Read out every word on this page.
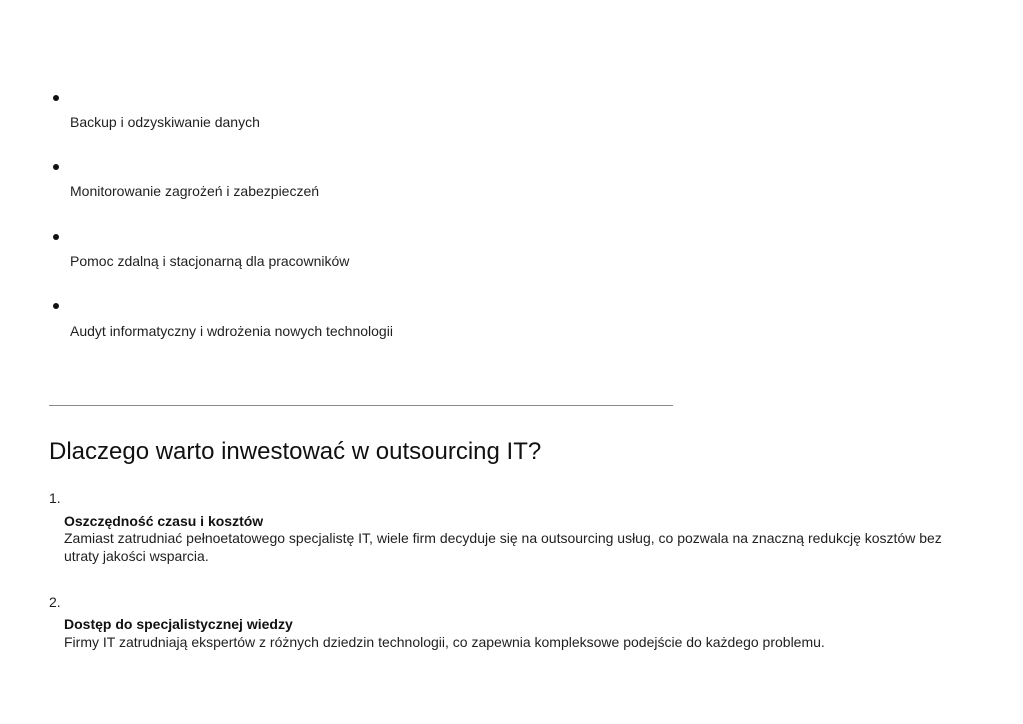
Backup i odzyskiwanie danych
Monitorowanie zagrożeń i zabezpieczeń
Pomoc zdalną i stacjonarną dla pracowników
Audyt informatyczny i wdrożenia nowych technologii
Dlaczego warto inwestować w outsourcing IT?
1.
Oszczędność czasu i kosztów
Zamiast zatrudniać pełnoetatowego specjalistę IT, wiele firm decyduje się na outsourcing usług, co pozwala na znaczną redukcję kosztów bez utraty jakości wsparcia.
2.
Dostęp do specjalistycznej wiedzy
Firmy IT zatrudniają ekspertów z różnych dziedzin technologii, co zapewnia kompleksowe podejście do każdego problemu.
